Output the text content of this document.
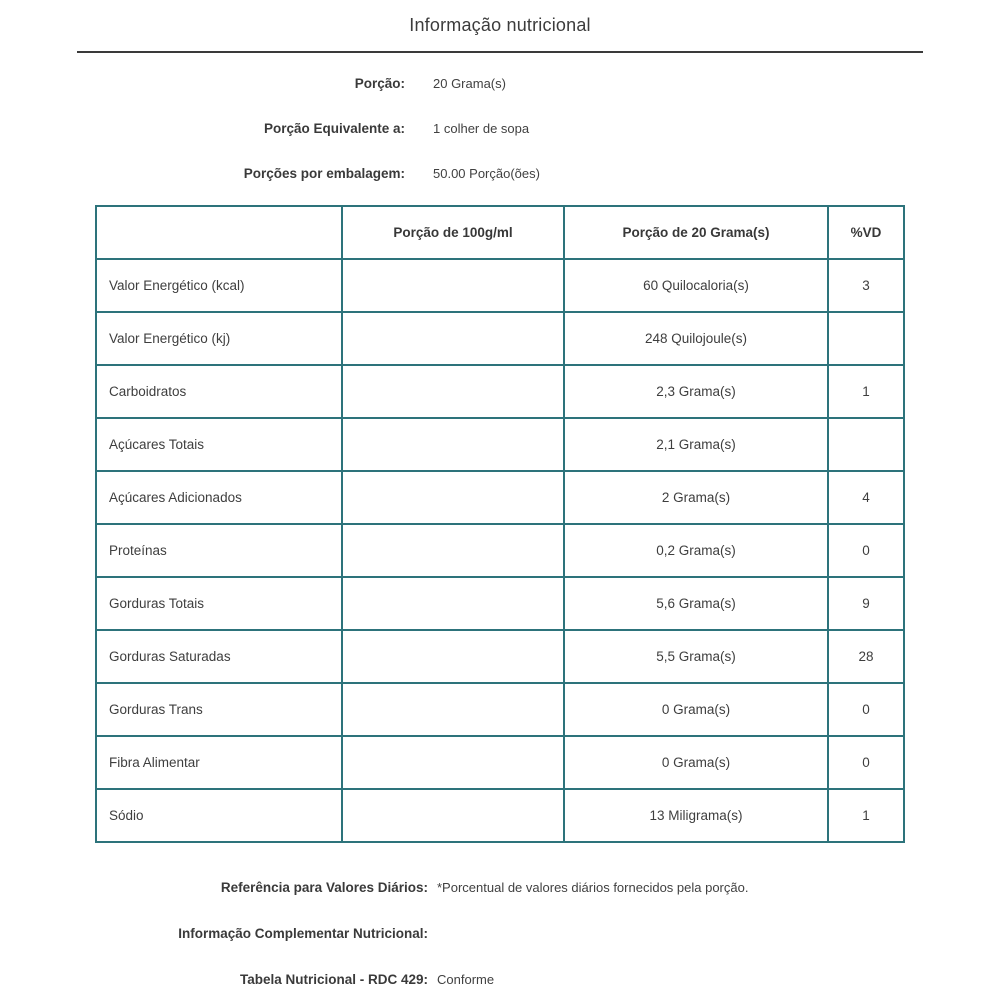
Informação nutricional
Porção: 20 Grama(s)
Porção Equivalente a: 1 colher de sopa
Porções por embalagem: 50.00 Porção(ões)
	Porção de 100g/ml	Porção de 20 Grama(s)	%VD
Valor Energético (kcal)		60 Quilocaloria(s)	3
Valor Energético (kj)		248 Quilojoule(s)	
Carboidratos		2,3 Grama(s)	1
Açúcares Totais		2,1 Grama(s)	
Açúcares Adicionados		2 Grama(s)	4
Proteínas		0,2 Grama(s)	0
Gorduras Totais		5,6 Grama(s)	9
Gorduras Saturadas		5,5 Grama(s)	28
Gorduras Trans		0 Grama(s)	0
Fibra Alimentar		0 Grama(s)	0
Sódio		13 Miligrama(s)	1
Referência para Valores Diários: *Porcentual de valores diários fornecidos pela porção.
Informação Complementar Nutricional:
Tabela Nutricional - RDC 429: Conforme
